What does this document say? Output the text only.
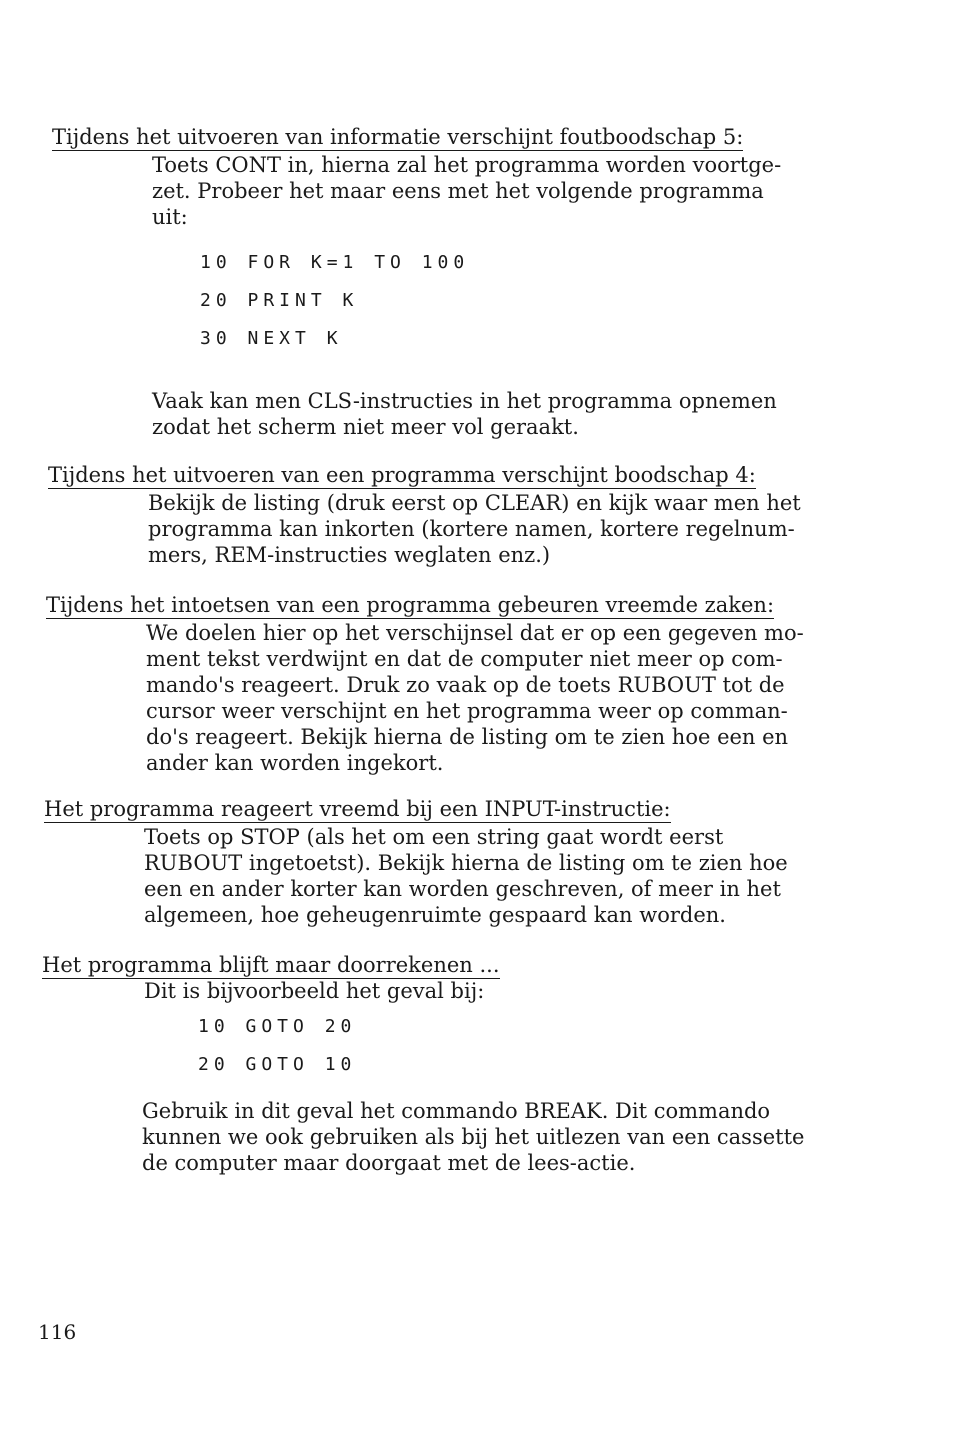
Tijdens het uitvoeren van informatie verschijnt foutboodschap 5:

Toets CONT in, hierna zal het programma worden voortge-
zet. Probeer het maar eens met het volgende programma
uit:

10 FOR K=1 TO 100
20 PRINT K
30 NEXT K

Vaak kan men CLS-instructies in het programma opnemen
zodat het scherm niet meer vol geraakt.

Tijdens het uitvoeren van een programma verschijnt boodschap 4:

Bekijk de listing (druk eerst op CLEAR) en kijk waar men het
programma kan inkorten (kortere namen, kortere regelnum-
mers, REM-instructies weglaten enz.)

Tijdens het intoetsen van een programma gebeuren vreemde zaken:

We doelen hier op het verschijnsel dat er op een gegeven mo-
ment tekst verdwijnt en dat de computer niet meer op com-
mando's reageert. Druk zo vaak op de toets RUBOUT tot de
cursor weer verschijnt en het programma weer op comman-
do's reageert. Bekijk hierna de listing om te zien hoe een en
ander kan worden ingekort.

Het programma reageert vreemd bij een INPUT-instructie:

Toets op STOP (als het om een string gaat wordt eerst
RUBOUT ingetoetst). Bekijk hierna de listing om te zien hoe
een en ander korter kan worden geschreven, of meer in het
algemeen, hoe geheugenruimte gespaard kan worden.

Het programma blijft maar doorrekenen ...

Dit is bijvoorbeeld het geval bij:

10 GOTO 20
20 GOTO 10

Gebruik in dit geval het commando BREAK. Dit commando
kunnen we ook gebruiken als bij het uitlezen van een cassette
de computer maar doorgaat met de lees-actie.

116
